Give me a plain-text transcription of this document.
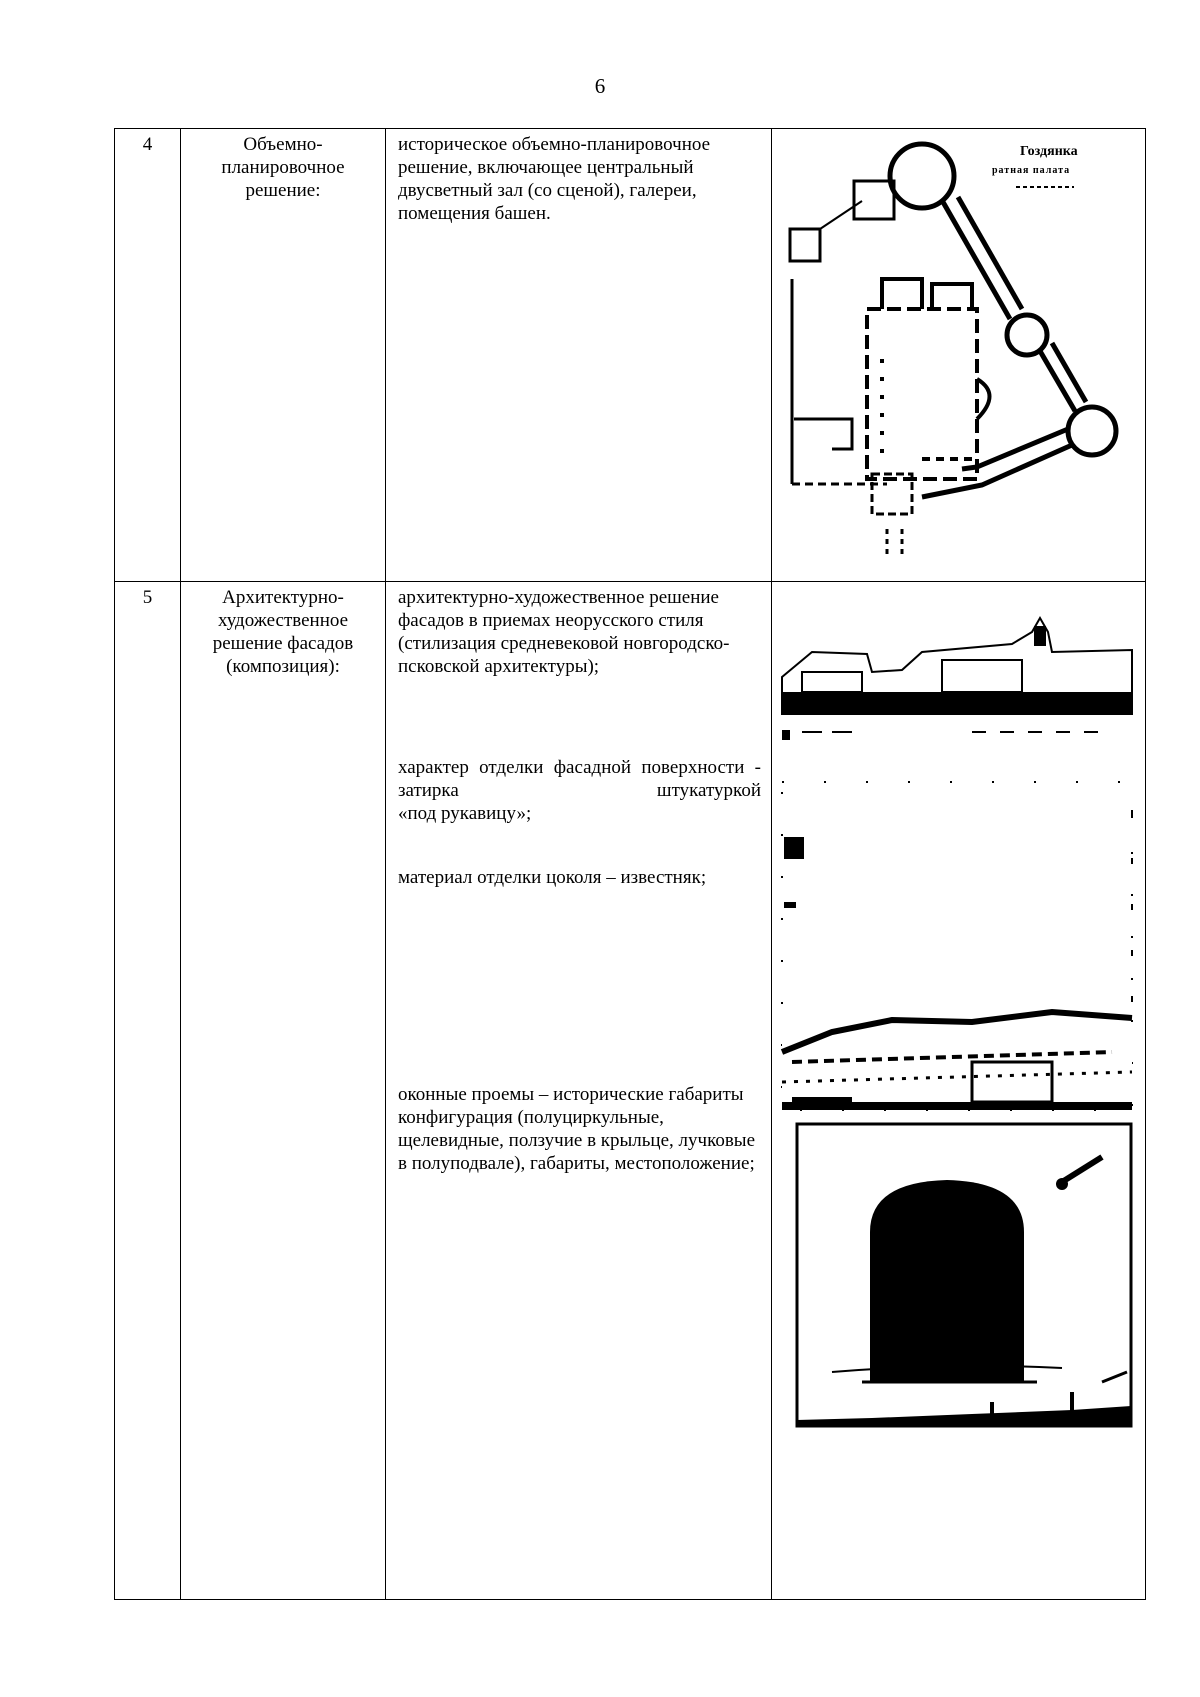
6
4	Объемно-планировочное решение:	историческое объемно-планировочное решение, включающее центральный двусветный зал (со сценой), галереи, помещения башен.	Гоздянка
ратная палата

5	Архитектурно-художественное решение фасадов (композиция):	архитектурно-художественное решение фасадов в приемах неорусского стиля (стилизация средневековой новгородско-псковской архитектуры);
характер отделки фасадной поверхности - затирка штукатуркой
«под рукавицу»;
материал отделки цоколя – известняк;
оконные проемы – исторические габариты конфигурация (полуциркульные, щелевидные, ползучие в крыльце, лучковые в полуподвале), габариты, местоположение;
